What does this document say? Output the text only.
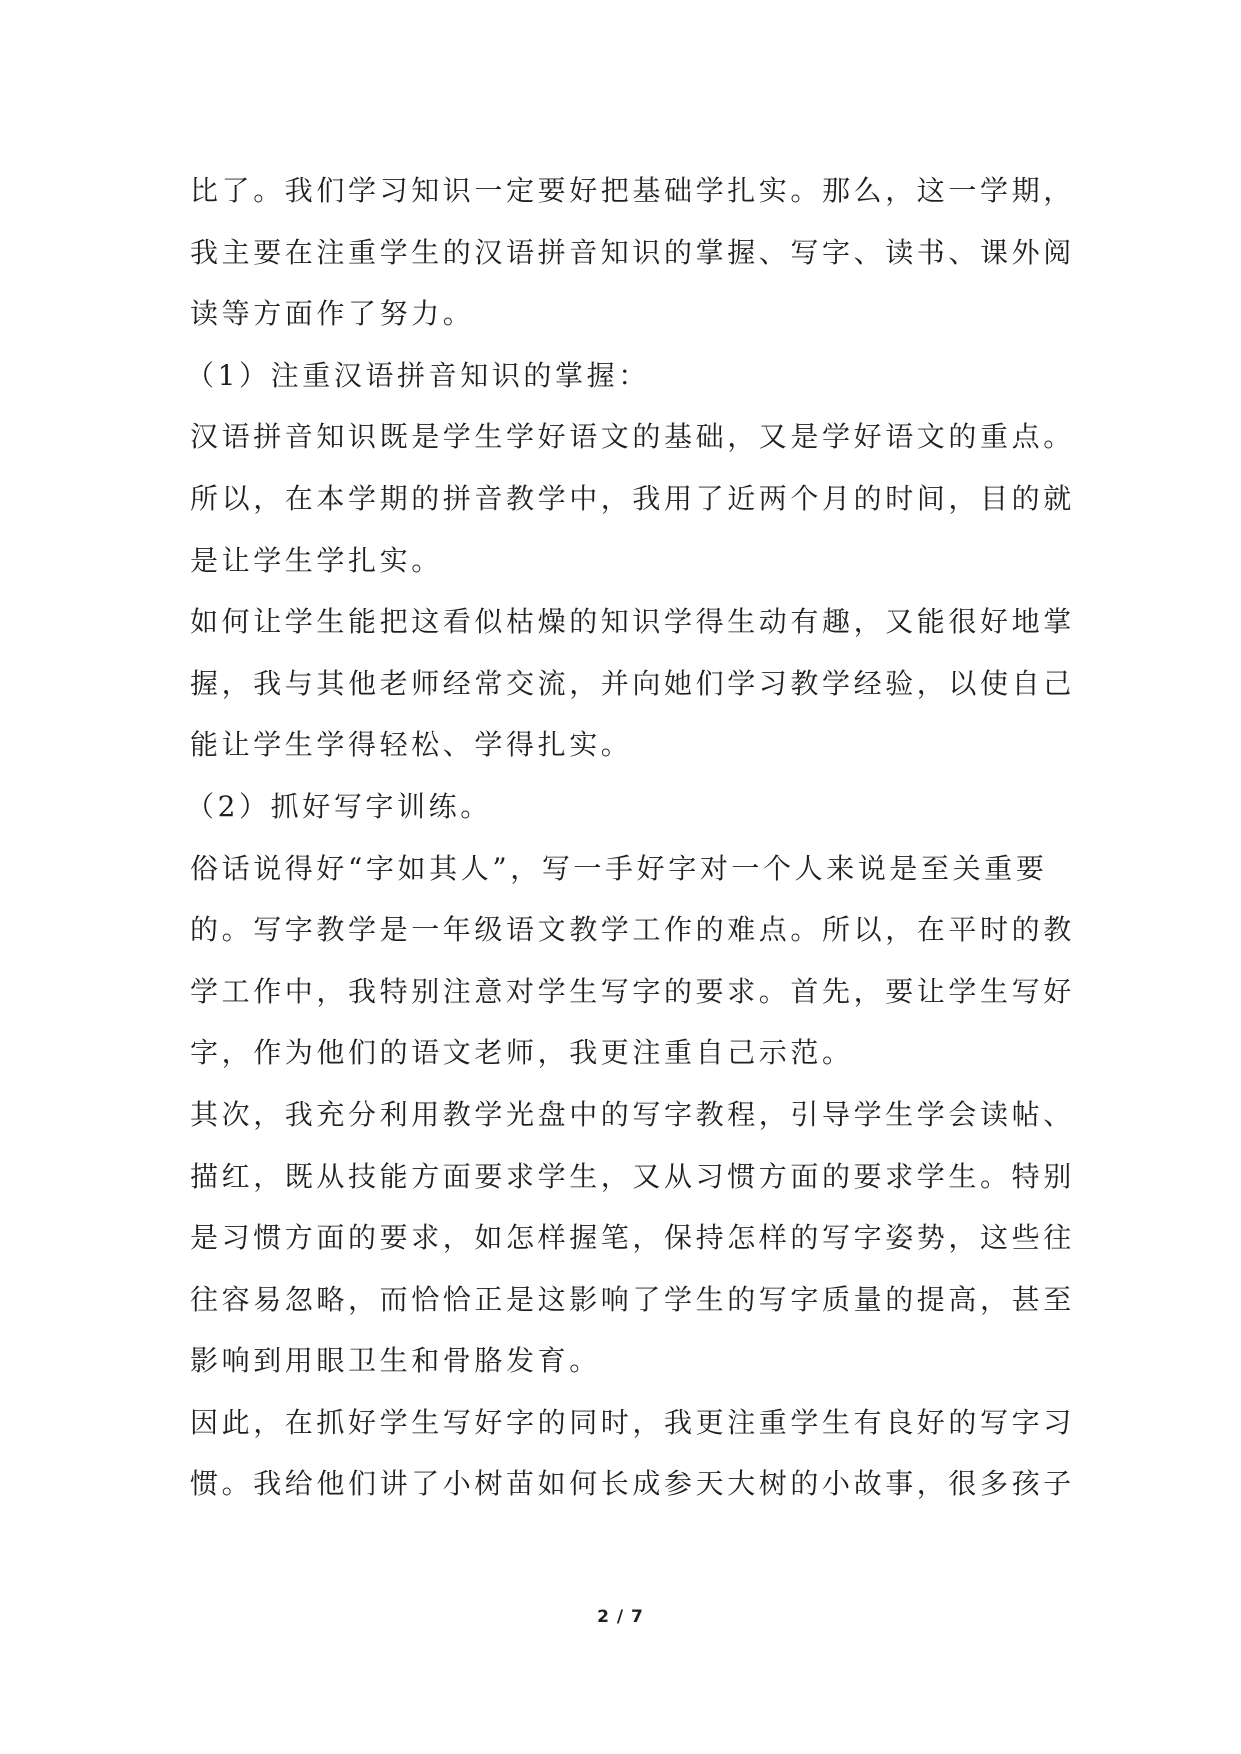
比了。我们学习知识一定要好把基础学扎实。那么，这一学期，
我主要在注重学生的汉语拼音知识的掌握、写字、读书、课外阅
读等方面作了努力。

（1）注重汉语拼音知识的掌握：

汉语拼音知识既是学生学好语文的基础，又是学好语文的重点。
所以，在本学期的拼音教学中，我用了近两个月的时间，目的就
是让学生学扎实。

如何让学生能把这看似枯燥的知识学得生动有趣，又能很好地掌
握，我与其他老师经常交流，并向她们学习教学经验，以使自己
能让学生学得轻松、学得扎实。

（2）抓好写字训练。

俗话说得好“字如其人”，写一手好字对一个人来说是至关重要
的。写字教学是一年级语文教学工作的难点。所以，在平时的教
学工作中，我特别注意对学生写字的要求。首先，要让学生写好
字，作为他们的语文老师，我更注重自己示范。

其次，我充分利用教学光盘中的写字教程，引导学生学会读帖、
描红，既从技能方面要求学生，又从习惯方面的要求学生。特别
是习惯方面的要求，如怎样握笔，保持怎样的写字姿势，这些往
往容易忽略，而恰恰正是这影响了学生的写字质量的提高，甚至
影响到用眼卫生和骨胳发育。

因此，在抓好学生写好字的同时，我更注重学生有良好的写字习
惯。我给他们讲了小树苗如何长成参天大树的小故事，很多孩子

2 / 7
